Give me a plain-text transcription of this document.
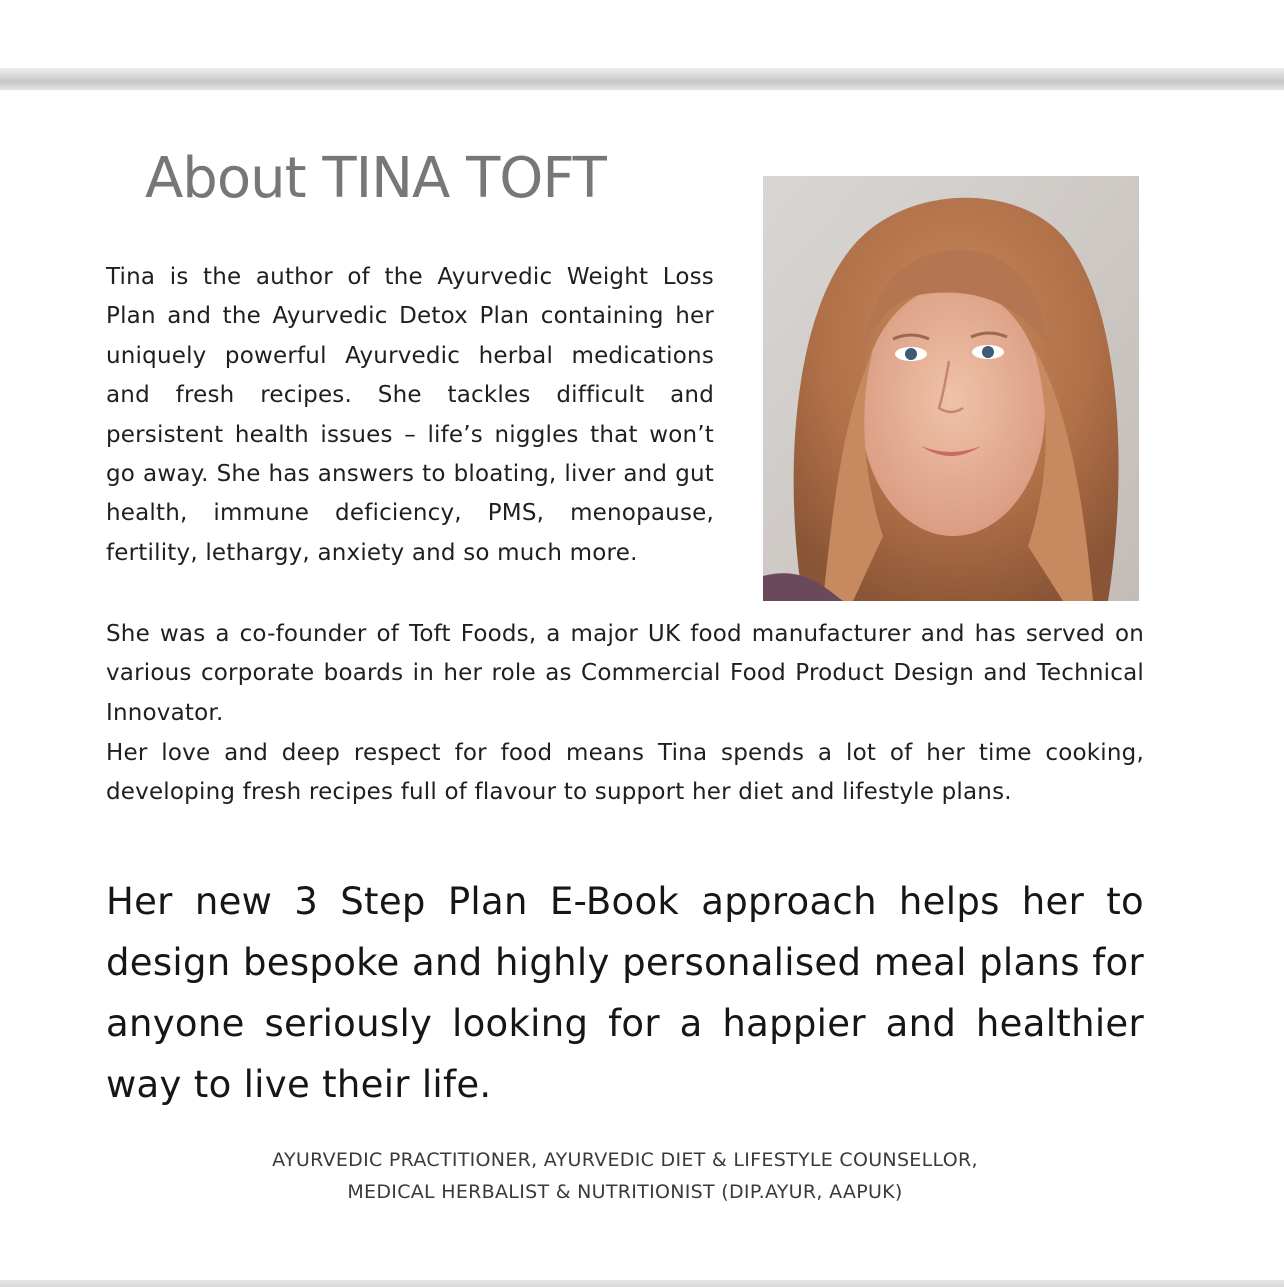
About TINA TOFT

Tina is the author of the Ayurvedic Weight Loss Plan and the Ayurvedic Detox Plan containing her uniquely powerful Ayurvedic herbal medications and fresh recipes. She tackles difficult and persistent health issues – life’s niggles that won’t go away. She has answers to bloating, liver and gut health, immune deficiency, PMS, menopause, fertility, lethargy, anxiety and so much more.

She was a co-founder of Toft Foods, a major UK food manufacturer and has served on various corporate boards in her role as Commercial Food Product Design and Technical Innovator.

Her love and deep respect for food means Tina spends a lot of her time cooking, developing fresh recipes full of flavour to support her diet and lifestyle plans.

Her new 3 Step Plan E-Book approach helps her to design bespoke and highly personalised meal plans for anyone seriously looking for a happier and healthier way to live their life.

AYURVEDIC PRACTITIONER, AYURVEDIC DIET & LIFESTYLE COUNSELLOR,
MEDICAL HERBALIST & NUTRITIONIST (DIP.AYUR, AAPUK)
